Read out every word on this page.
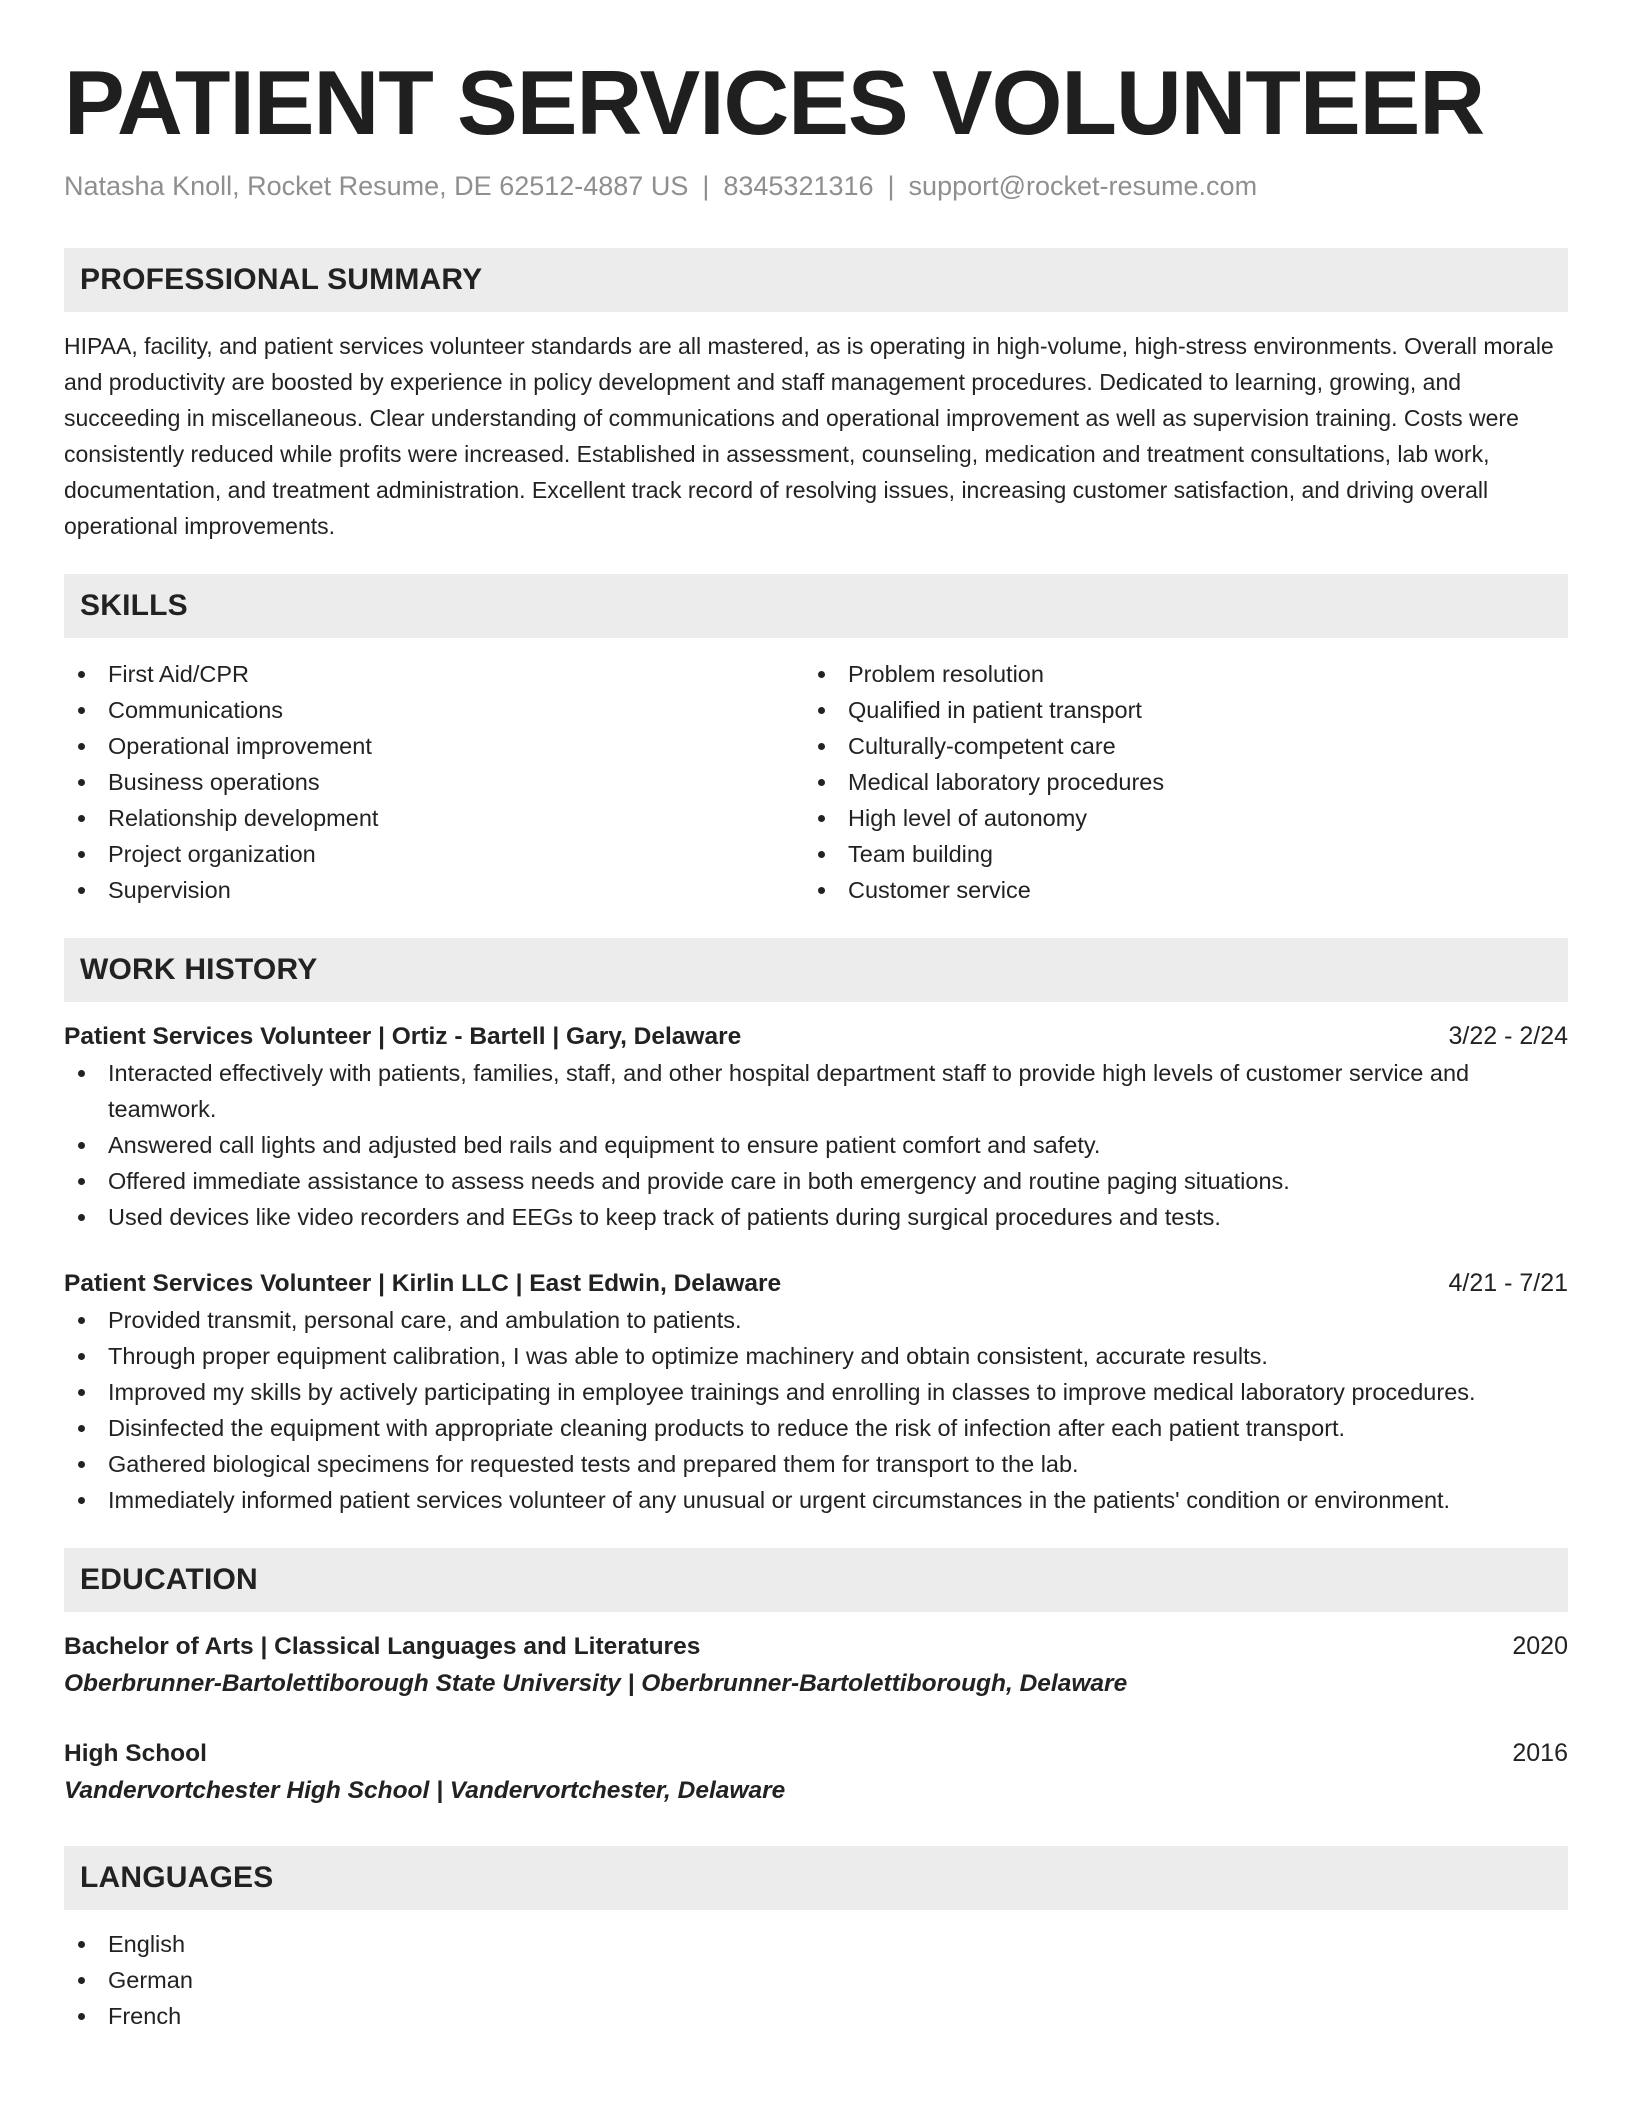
PATIENT SERVICES VOLUNTEER
Natasha Knoll, Rocket Resume, DE 62512-4887 US | 8345321316 | support@rocket-resume.com
PROFESSIONAL SUMMARY
HIPAA, facility, and patient services volunteer standards are all mastered, as is operating in high-volume, high-stress environments. Overall morale and productivity are boosted by experience in policy development and staff management procedures. Dedicated to learning, growing, and succeeding in miscellaneous. Clear understanding of communications and operational improvement as well as supervision training. Costs were consistently reduced while profits were increased. Established in assessment, counseling, medication and treatment consultations, lab work, documentation, and treatment administration. Excellent track record of resolving issues, increasing customer satisfaction, and driving overall operational improvements.
SKILLS
First Aid/CPR
Communications
Operational improvement
Business operations
Relationship development
Project organization
Supervision
Problem resolution
Qualified in patient transport
Culturally-competent care
Medical laboratory procedures
High level of autonomy
Team building
Customer service
WORK HISTORY
Patient Services Volunteer | Ortiz - Bartell | Gary, Delaware	3/22 - 2/24
Interacted effectively with patients, families, staff, and other hospital department staff to provide high levels of customer service and teamwork.
Answered call lights and adjusted bed rails and equipment to ensure patient comfort and safety.
Offered immediate assistance to assess needs and provide care in both emergency and routine paging situations.
Used devices like video recorders and EEGs to keep track of patients during surgical procedures and tests.
Patient Services Volunteer | Kirlin LLC | East Edwin, Delaware	4/21 - 7/21
Provided transmit, personal care, and ambulation to patients.
Through proper equipment calibration, I was able to optimize machinery and obtain consistent, accurate results.
Improved my skills by actively participating in employee trainings and enrolling in classes to improve medical laboratory procedures.
Disinfected the equipment with appropriate cleaning products to reduce the risk of infection after each patient transport.
Gathered biological specimens for requested tests and prepared them for transport to the lab.
Immediately informed patient services volunteer of any unusual or urgent circumstances in the patients' condition or environment.
EDUCATION
Bachelor of Arts | Classical Languages and Literatures	2020
Oberbrunner-Bartolettiborough State University | Oberbrunner-Bartolettiborough, Delaware
High School	2016
Vandervortchester High School | Vandervortchester, Delaware
LANGUAGES
English
German
French
